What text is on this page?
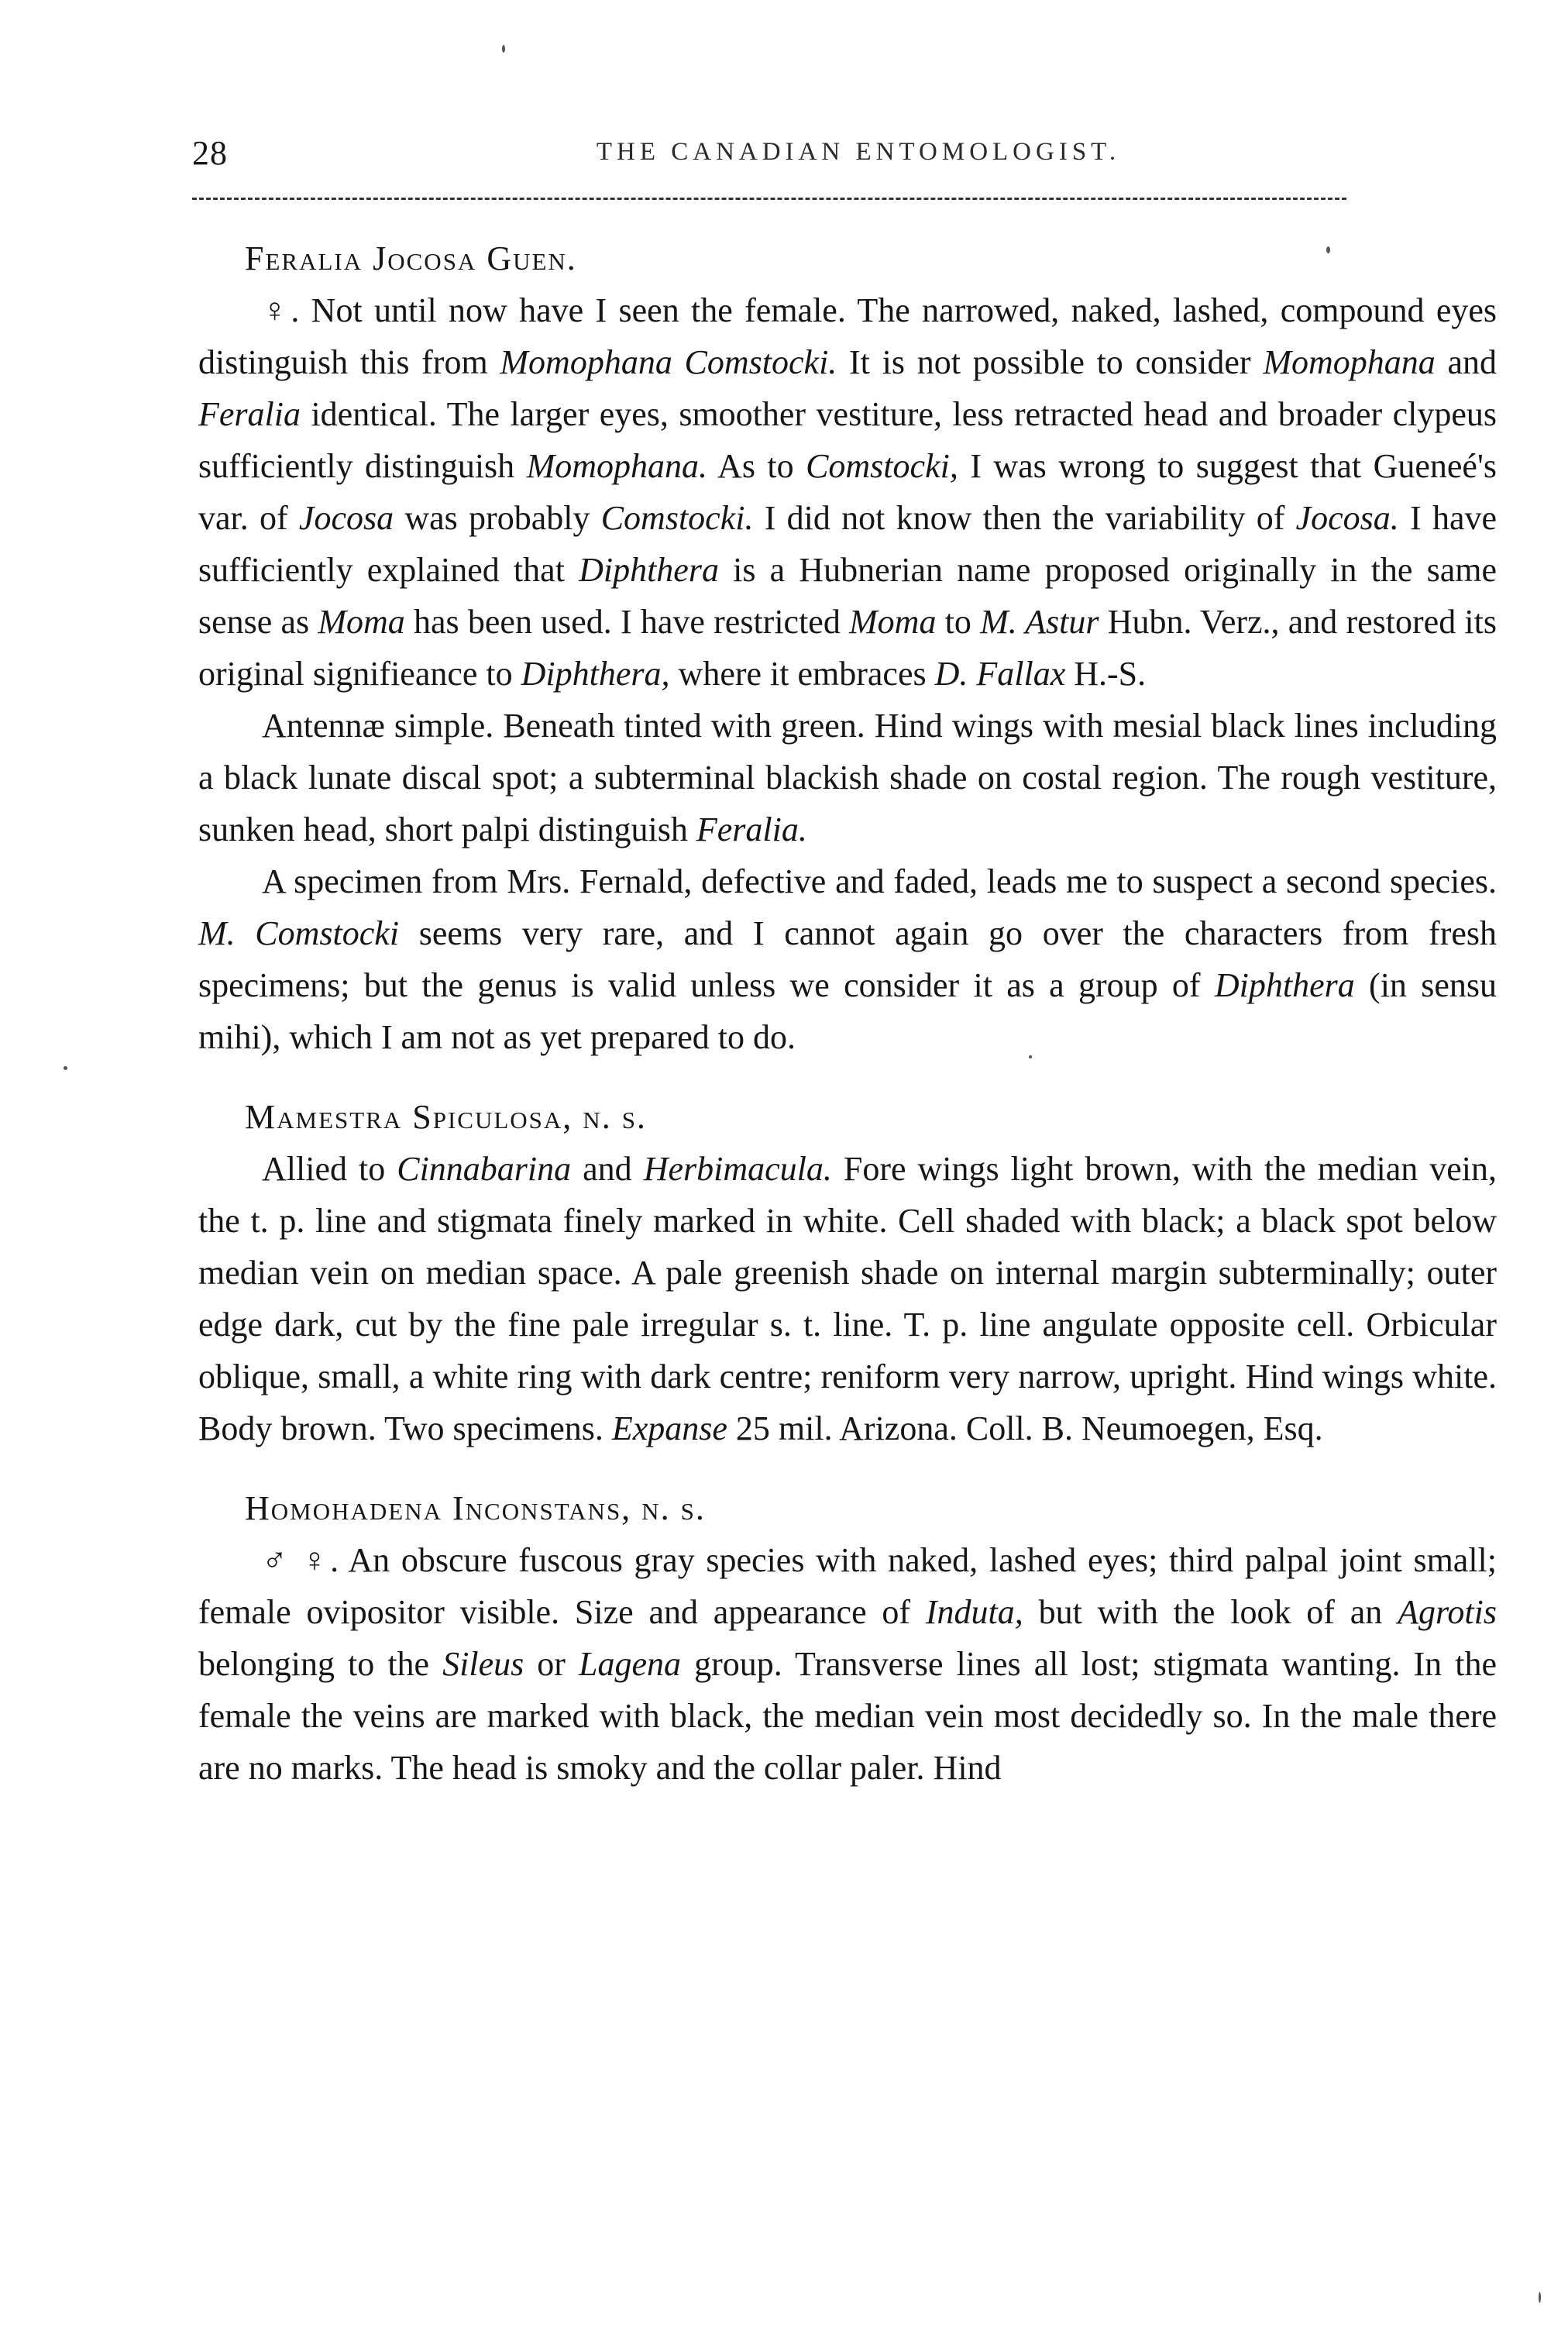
28	THE CANADIAN ENTOMOLOGIST.

Feralia Jocosa Guen.

♀. Not until now have I seen the female. The narrowed, naked, lashed, compound eyes distinguish this from Momophana Comstocki. It is not possible to consider Momophana and Feralia identical. The larger eyes, smoother vestiture, less retracted head and broader clypeus sufficiently distinguish Momophana. As to Comstocki, I was wrong to suggest that Gueneé's var. of Jocosa was probably Comstocki. I did not know then the variability of Jocosa. I have sufficiently explained that Diphthera is a Hubnerian name proposed originally in the same sense as Moma has been used. I have restricted Moma to M. Astur Hubn. Verz., and restored its original signifieance to Diphthera, where it embraces D. Fallax H.-S.

Antennæ simple. Beneath tinted with green. Hind wings with mesial black lines including a black lunate discal spot; a subterminal blackish shade on costal region. The rough vestiture, sunken head, short palpi distinguish Feralia.

A specimen from Mrs. Fernald, defective and faded, leads me to suspect a second species. M. Comstocki seems very rare, and I cannot again go over the characters from fresh specimens; but the genus is valid unless we consider it as a group of Diphthera (in sensu mihi), which I am not as yet prepared to do.

Mamestra Spiculosa, n. s.

Allied to Cinnabarina and Herbimacula. Fore wings light brown, with the median vein, the t. p. line and stigmata finely marked in white. Cell shaded with black; a black spot below median vein on median space. A pale greenish shade on internal margin subterminally; outer edge dark, cut by the fine pale irregular s. t. line. T. p. line angulate opposite cell. Orbicular oblique, small, a white ring with dark centre; reniform very narrow, upright. Hind wings white. Body brown. Two specimens. Expanse 25 mil. Arizona. Coll. B. Neumoegen, Esq.

Homohadena Inconstans, n. s.

♂ ♀. An obscure fuscous gray species with naked, lashed eyes; third palpal joint small; female ovipositor visible. Size and appearance of Induta, but with the look of an Agrotis belonging to the Sileus or Lagena group. Transverse lines all lost; stigmata wanting. In the female the veins are marked with black, the median vein most decidedly so. In the male there are no marks. The head is smoky and the collar paler. Hind
